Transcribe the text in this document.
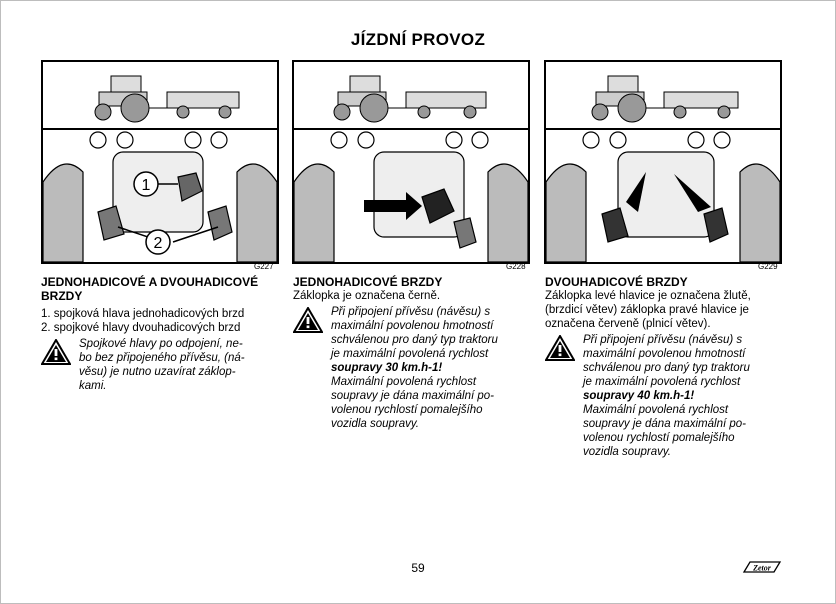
JÍZDNÍ PROVOZ
1
2
G227	G228	G229
JEDNOHADICOVÉ A DVOUHADICOVÉ BRZDY
1. spojková hlava jednohadicových brzd
2. spojkové hlavy dvouhadicových brzd

Spojkové hlavy po odpojení, ne-

bo bez připojeného přívěsu, (ná-

věsu) je nutno uzavírat záklop-

kami.

JEDNOHADICOVÉ BRZDY
Záklopka je označena černě.

Při připojení přívěsu (návěsu) s

maximální povolenou hmotností

schválenou pro daný typ traktoru

je maximální povolená rychlost

soupravy 30 km.h-1!

Maximální povolená rychlost

soupravy je dána maximální po-

volenou rychlostí pomalejšího

vozidla soupravy.

DVOUHADICOVÉ BRZDY
Záklopka levé hlavice je označena žlutě,
(brzdicí větev) záklopka pravé hlavice je
označena červeně (plnicí větev).

Při připojení přívěsu (návěsu) s

maximální povolenou hmotností

schválenou pro daný typ traktoru

je maximální povolená rychlost

soupravy 40 km.h-1!

Maximální povolená rychlost

soupravy je dána maximální po-

volenou rychlostí pomalejšího

vozidla soupravy.

59	Zetor
